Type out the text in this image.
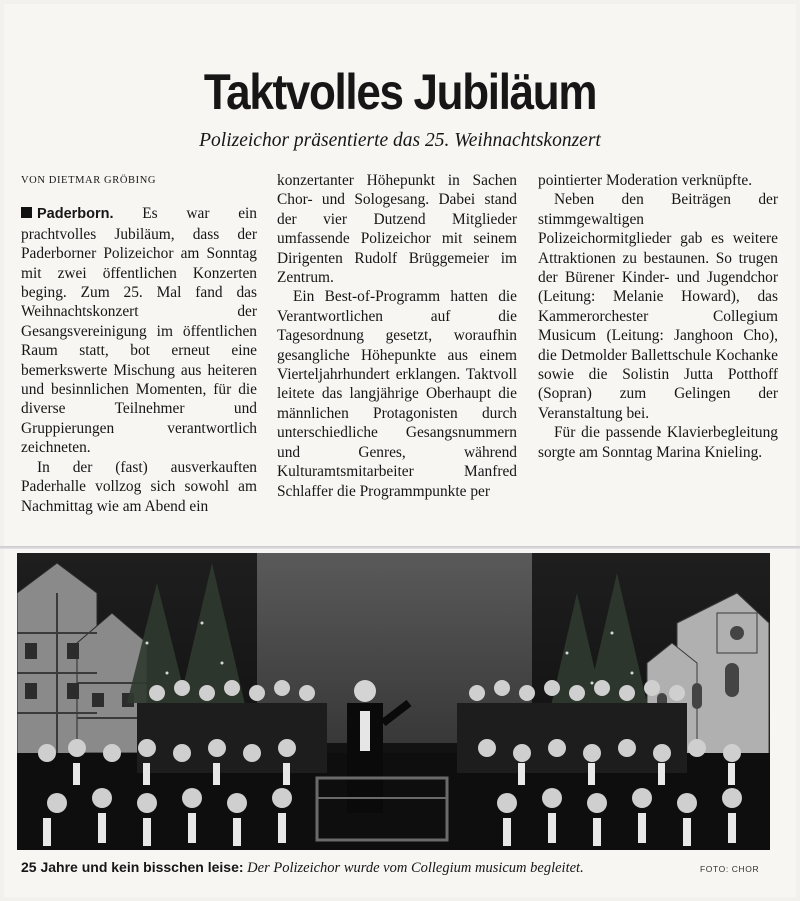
Taktvolles Jubiläum
Polizeichor präsentierte das 25. Weihnachtskonzert
VON DIETMAR GRÖBING

Paderborn. Es war ein prachtvolles Jubiläum, dass der Paderborner Polizeichor am Sonntag mit zwei öffentlichen Konzerten beging. Zum 25. Mal fand das Weihnachtskonzert der Gesangsvereinigung im öffentlichen Raum statt, bot erneut eine bemerkswerte Mischung aus heiteren und besinnlichen Momenten, für die diverse Teilnehmer und Gruppierungen verantwortlich zeichneten.

In der (fast) ausverkauften Paderhalle vollzog sich sowohl am Nachmittag wie am Abend ein

konzertanter Höhepunkt in Sachen Chor- und Sologesang. Dabei stand der vier Dutzend Mitglieder umfassende Polizeichor mit seinem Dirigenten Rudolf Brüggemeier im Zentrum.

Ein Best-of-Programm hatten die Verantwortlichen auf die Tagesordnung gesetzt, woraufhin gesangliche Höhepunkte aus einem Vierteljahrhundert erklangen. Taktvoll leitete das langjährige Oberhaupt die männlichen Protagonisten durch unterschiedliche Gesangsnummern und Genres, während Kulturamtsmitarbeiter Manfred Schlaffer die Programmpunkte per

pointierter Moderation verknüpfte.

Neben den Beiträgen der stimmgewaltigen Polizeichormitglieder gab es weitere Attraktionen zu bestaunen. So trugen der Bürener Kinder- und Jugendchor (Leitung: Melanie Howard), das Kammerorchester Collegium Musicum (Leitung: Janghoon Cho), die Detmolder Ballettschule Kochanke sowie die Solistin Jutta Potthoff (Sopran) zum Gelingen der Veranstaltung bei.

Für die passende Klavierbegleitung sorgte am Sonntag Marina Knieling.

25 Jahre und kein bisschen leise: Der Polizeichor wurde vom Collegium musicum begleitet.	FOTO: CHOR
